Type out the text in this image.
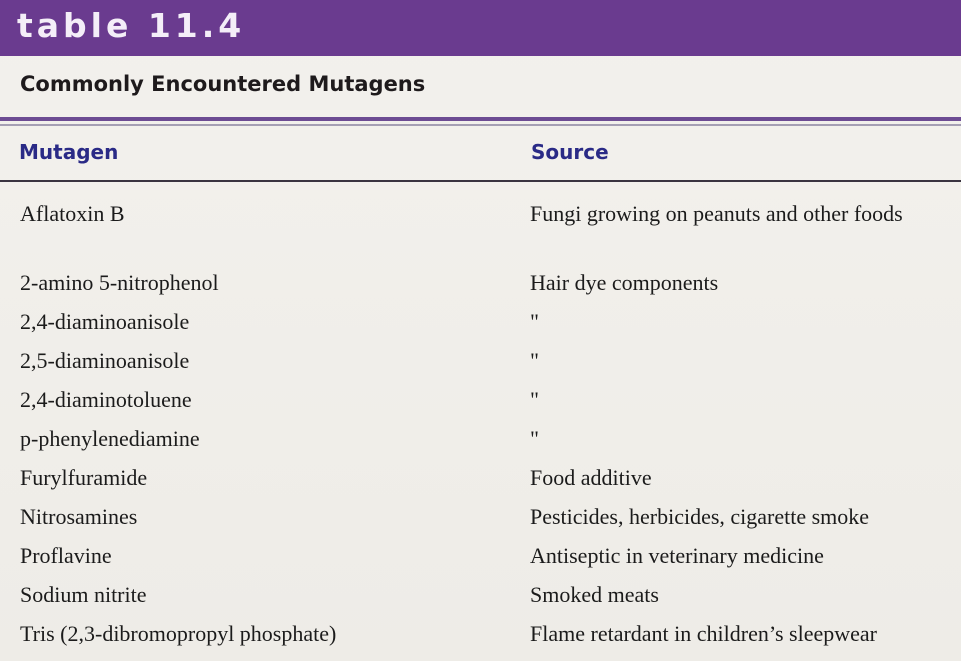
table 11.4
Commonly Encountered Mutagens
Mutagen	Source
Aflatoxin B	Fungi growing on peanuts and other foods
2-amino 5-nitrophenol	Hair dye components
2,4-diaminoanisole	"
2,5-diaminoanisole	"
2,4-diaminotoluene	"
p-phenylenediamine	"
Furylfuramide	Food additive
Nitrosamines	Pesticides, herbicides, cigarette smoke
Proflavine	Antiseptic in veterinary medicine
Sodium nitrite	Smoked meats
Tris (2,3-dibromopropyl phosphate)	Flame retardant in children’s sleepwear
